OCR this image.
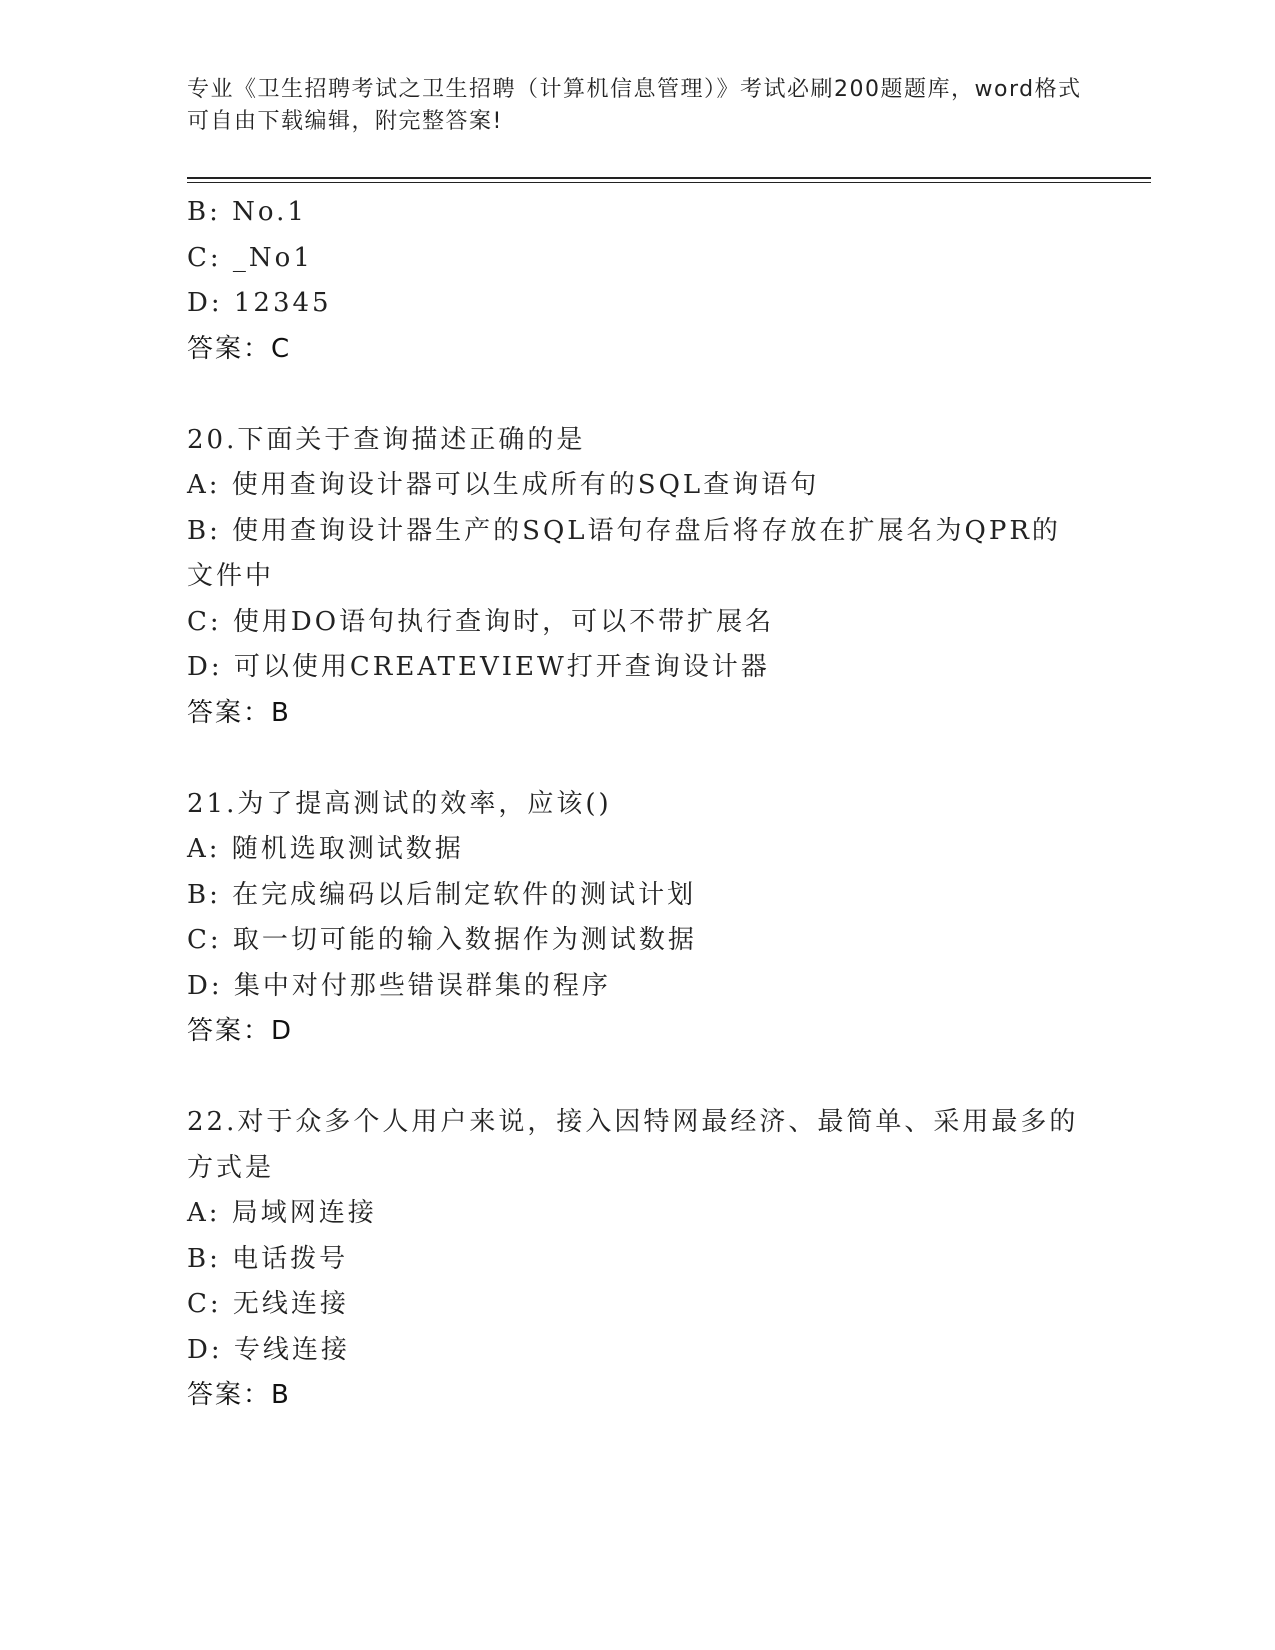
专业《卫生招聘考试之卫生招聘（计算机信息管理）》考试必刷200题题库，word格式可自由下载编辑，附完整答案!
B: No.1
C: _No1
D: 12345
答案：C
20.下面关于查询描述正确的是
A: 使用查询设计器可以生成所有的SQL查询语句
B: 使用查询设计器生产的SQL语句存盘后将存放在扩展名为QPR的文件中
C: 使用DO语句执行查询时，可以不带扩展名
D: 可以使用CREATEVIEW打开查询设计器
答案：B
21.为了提高测试的效率，应该()
A: 随机选取测试数据
B: 在完成编码以后制定软件的测试计划
C: 取一切可能的输入数据作为测试数据
D: 集中对付那些错误群集的程序
答案：D
22.对于众多个人用户来说，接入因特网最经济、最简单、采用最多的方式是
A: 局域网连接
B: 电话拨号
C: 无线连接
D: 专线连接
答案：B
